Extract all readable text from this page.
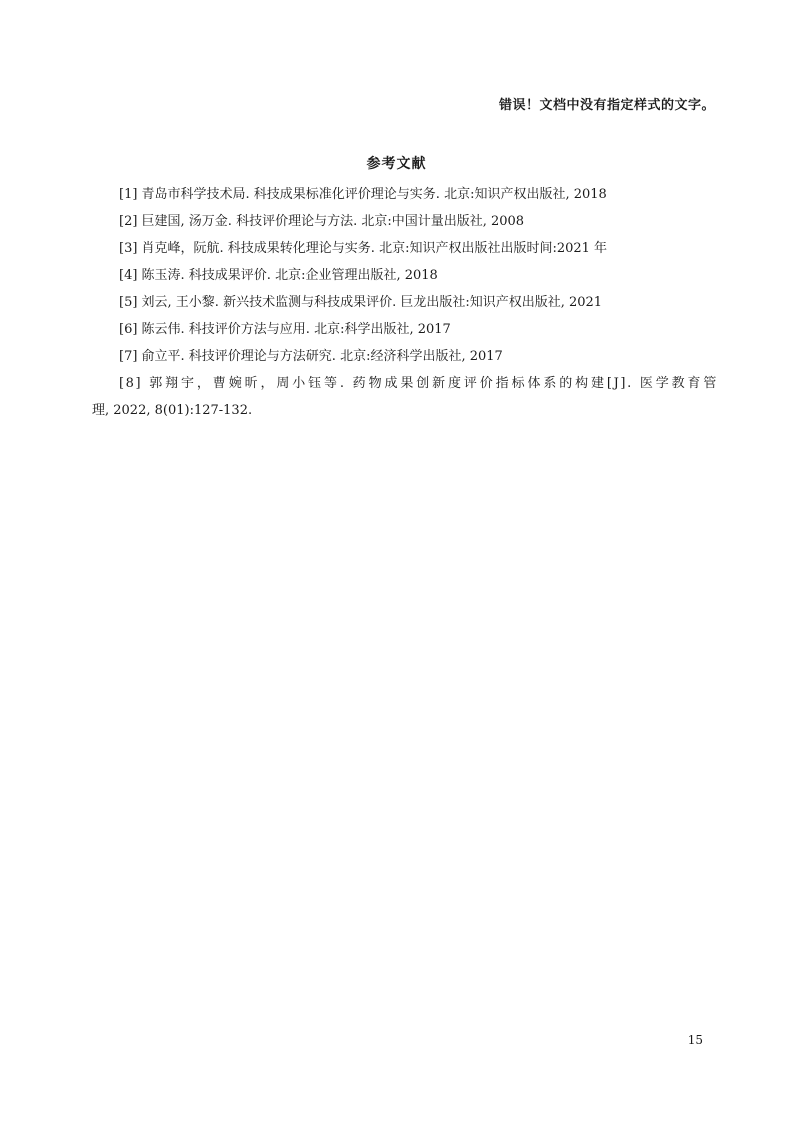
错误！文档中没有指定样式的文字。
参考文献
[1] 青岛市科学技术局. 科技成果标准化评价理论与实务. 北京:知识产权出版社, 2018
[2] 巨建国, 汤万金. 科技评价理论与方法. 北京:中国计量出版社, 2008
[3] 肖克峰，阮航. 科技成果转化理论与实务. 北京:知识产权出版社出版时间:2021 年
[4] 陈玉涛. 科技成果评价. 北京:企业管理出版社, 2018
[5] 刘云, 王小黎. 新兴技术监测与科技成果评价. 巨龙出版社:知识产权出版社, 2021
[6] 陈云伟. 科技评价方法与应用. 北京:科学出版社, 2017
[7] 俞立平. 科技评价理论与方法研究. 北京:经济科学出版社, 2017
[8] 郭翔宇，曹婉昕，周小钰等. 药物成果创新度评价指标体系的构建[J]. 医学教育管
理, 2022, 8(01):127-132.
15
